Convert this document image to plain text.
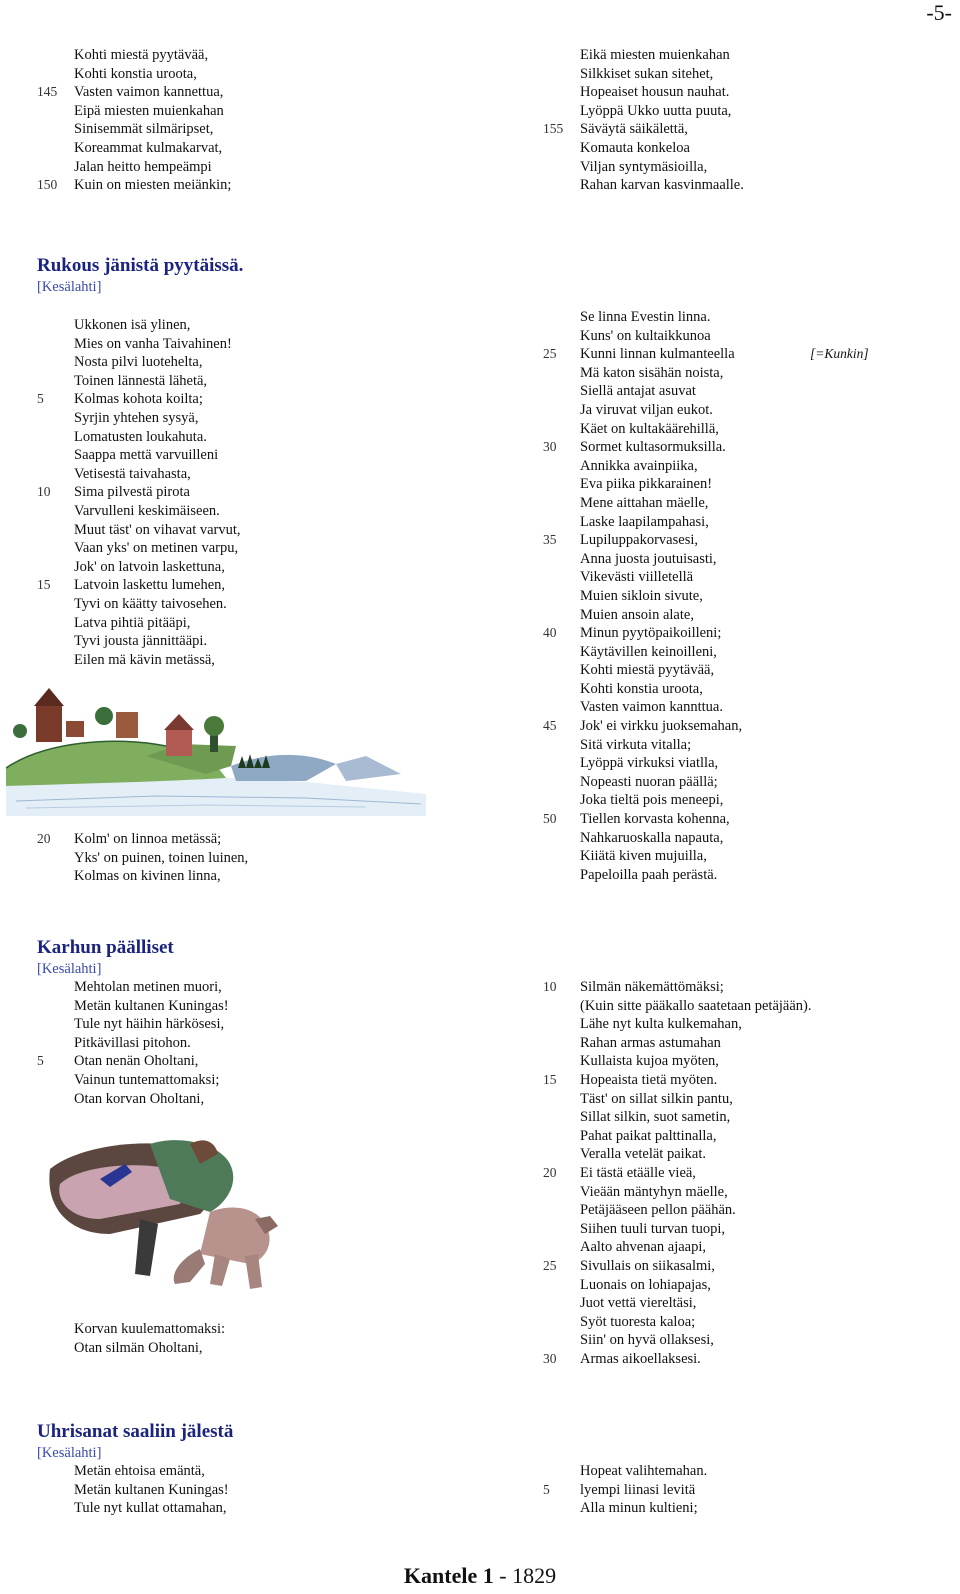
-5-
Kohti miestä pyytävää,
Kohti konstia uroota,
145	Vasten vaimon kannettua,
Eipä miesten muienkahan
Sinisemmät silmäripset,
Koreammat kulmakarvat,
Jalan heitto hempeämpi
150	Kuin on miesten meiänkin;
Eikä miesten muienkahan
Silkkiset sukan sitehet,
Hopeaiset housun nauhat.
Lyöppä Ukko uutta puuta,
155	Säväytä säikälettä,
Komauta konkeloa
Viljan syntymäsioilla,
Rahan karvan kasvinmaalle.
Rukous jänistä pyytäissä.
[Kesälahti]
Ukkonen isä ylinen,
Mies on vanha Taivahinen!
Nosta pilvi luotehelta,
Toinen lännestä lähetä,
5	Kolmas kohota koilta;
Syrjin yhtehen sysyä,
Lomatusten loukahuta.
Saappa mettä varvuilleni
Vetisestä taivahasta,
10	Sima pilvestä pirota
Varvulleni keskimäiseen.
Muut täst' on vihavat varvut,
Vaan yks' on metinen varpu,
Jok' on latvoin laskettuna,
15	Latvoin laskettu lumehen,
Tyvi on käätty taivosehen.
Latva pihtiä pitääpi,
Tyvi jousta jännittääpi.
Eilen mä kävin metässä,
20	Kolm' on linnoa metässä;
Yks' on puinen, toinen luinen,
Kolmas on kivinen linna,
Se linna Evestin linna.
Kuns' on kultaikkunoa
25	Kunni linnan kulmanteella	[=Kunkin]
Mä katon sisähän noista,
Siellä antajat asuvat
Ja viruvat viljan eukot.
Käet on kultakäärehillä,
30	Sormet kultasormuksilla.
Annikka avainpiika,
Eva piika pikkarainen!
Mene aittahan mäelle,
Laske laapilampahasi,
35	Lupiluppakorvasesi,
Anna juosta joutuisasti,
Vikevästi viilletellä
Muien sikloin sivute,
Muien ansoin alate,
40	Minun pyytöpaikoilleni;
Käytävillen keinoilleni,
Kohti miestä pyytävää,
Kohti konstia uroota,
Vasten vaimon kannttua.
45	Jok' ei virkku juoksemahan,
Sitä virkuta vitalla;
Lyöppä virkuksi viatlla,
Nopeasti nuoran päällä;
Joka tieltä pois meneepi,
50	Tiellen korvasta kohenna,
Nahkaruoskalla napauta,
Kiiätä kiven mujuilla,
Papeloilla paah perästä.
Karhun päälliset
[Kesälahti]
Mehtolan metinen muori,
Metän kultanen Kuningas!
Tule nyt häihin härkösesi,
Pitkävillasi pitohon.
5	Otan nenän Oholtani,
Vainun tuntemattomaksi;
Otan korvan Oholtani,
Korvan kuulemattomaksi:
Otan silmän Oholtani,
10	Silmän näkemättömäksi;
(Kuin sitte pääkallo saatetaan petäjään).
Lähe nyt kulta kulkemahan,
Rahan armas astumahan
Kullaista kujoa myöten,
15	Hopeaista tietä myöten.
Täst' on sillat silkin pantu,
Sillat silkin, suot sametin,
Pahat paikat palttinalla,
Veralla vetelät paikat.
20	Ei tästä etäälle vieä,
Vieään mäntyhyn mäelle,
Petäjääseen pellon päähän.
Siihen tuuli turvan tuopi,
Aalto ahvenan ajaapi,
25	Sivullais on siikasalmi,
Luonais on lohiapajas,
Juot vettä viereltäsi,
Syöt tuoresta kaloa;
Siin' on hyvä ollaksesi,
30	Armas aikoellaksesi.
Uhrisanat saaliin jälestä
[Kesälahti]
Metän ehtoisa emäntä,
Metän kultanen Kuningas!
Tule nyt kullat ottamahan,
Hopeat valihtemahan.
5	lyempi liinasi levitä
Alla minun kultieni;
Kantele 1 - 1829
